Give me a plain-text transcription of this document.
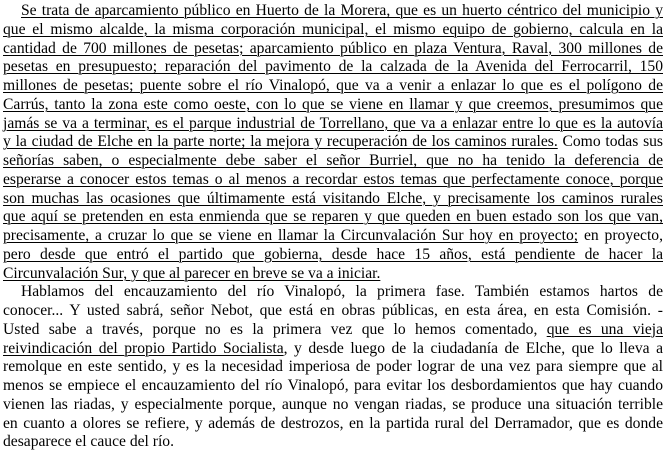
Se trata de aparcamiento público en Huerto de la Morera, que es un huerto céntrico del municipio y
que el mismo alcalde, la misma corporación municipal, el mismo equipo de gobierno, calcula en la
cantidad de 700 millones de pesetas; aparcamiento público en plaza Ventura, Raval, 300 millones de
pesetas en presupuesto; reparación del pavimento de la calzada de la Avenida del Ferrocarril, 150
millones de pesetas; puente sobre el río Vinalopó, que va a venir a enlazar lo que es el polígono de
Carrús, tanto la zona este como oeste, con lo que se viene en llamar y que creemos, presumimos que
jamás se va a terminar, es el parque industrial de Torrellano, que va a enlazar entre lo que es la autovía
y la ciudad de Elche en la parte norte; la mejora y recuperación de los caminos rurales. Como todas sus
señorías saben, o especialmente debe saber el señor Burriel, que no ha tenido la deferencia de
esperarse a conocer estos temas o al menos a recordar estos temas que perfectamente conoce, porque
son muchas las ocasiones que últimamente está visitando Elche, y precisamente los caminos rurales
que aquí se pretenden en esta enmienda que se reparen y que queden en buen estado son los que van,
precisamente, a cruzar lo que se viene en llamar la Circunvalación Sur hoy en proyecto; en proyecto,
pero desde que entró el partido que gobierna, desde hace 15 años, está pendiente de hacer la
Circunvalación Sur, y que al parecer en breve se va a iniciar.
Hablamos del encauzamiento del río Vinalopó, la primera fase. También estamos hartos de
conocer... Y usted sabrá, señor Nebot, que está en obras públicas, en esta área, en esta Comisión. -
Usted sabe a través, porque no es la primera vez que lo hemos comentado, que es una vieja
reivindicación del propio Partido Socialista, y desde luego de la ciudadanía de Elche, que lo lleva a
remolque en este sentido, y es la necesidad imperiosa de poder lograr de una vez para siempre que al
menos se empiece el encauzamiento del río Vinalopó, para evitar los desbordamientos que hay cuando
vienen las riadas, y especialmente porque, aunque no vengan riadas, se produce una situación terrible
en cuanto a olores se refiere, y además de destrozos, en la partida rural del Derramador, que es donde
desaparece el cauce del río.
